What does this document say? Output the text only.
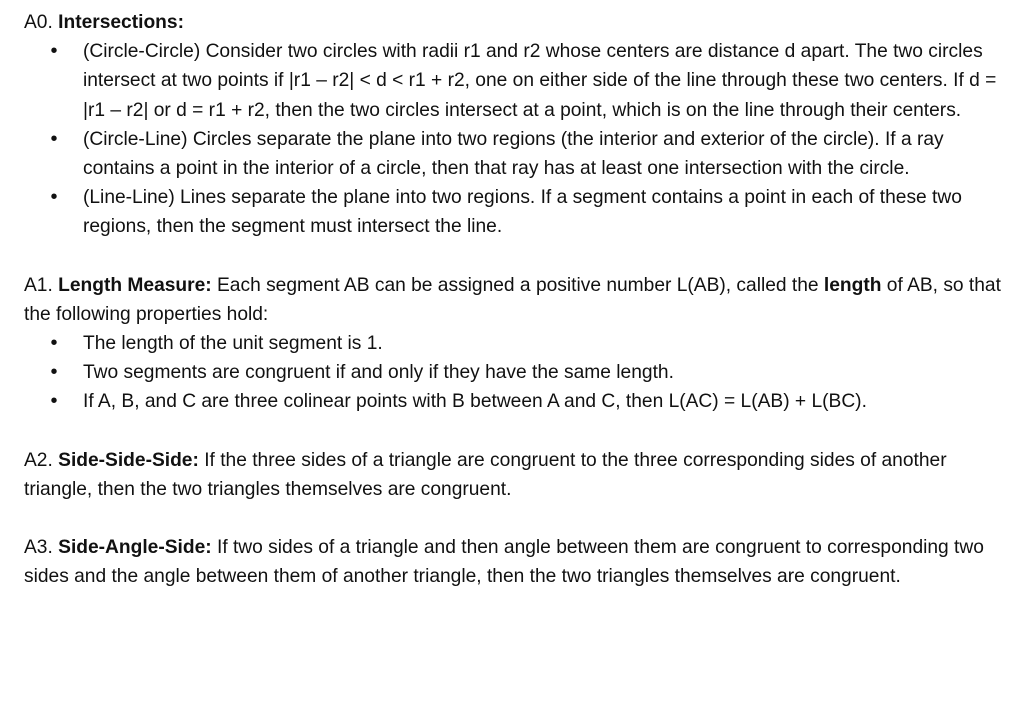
A0. Intersections:

• (Circle-Circle) Consider two circles with radii r1 and r2 whose centers are distance d apart. The two circles intersect at two points if |r1 – r2| < d < r1 + r2, one on either side of the line through these two centers. If d = |r1 – r2| or d = r1 + r2, then the two circles intersect at a point, which is on the line through their centers.
• (Circle-Line) Circles separate the plane into two regions (the interior and exterior of the circle). If a ray contains a point in the interior of a circle, then that ray has at least one intersection with the circle.
• (Line-Line) Lines separate the plane into two regions. If a segment contains a point in each of these two regions, then the segment must intersect the line.

A1. Length Measure: Each segment AB can be assigned a positive number L(AB), called the length of AB, so that the following properties hold:

• The length of the unit segment is 1.
• Two segments are congruent if and only if they have the same length.
• If A, B, and C are three colinear points with B between A and C, then L(AC) = L(AB) + L(BC).

A2. Side-Side-Side: If the three sides of a triangle are congruent to the three corresponding sides of another triangle, then the two triangles themselves are congruent.

A3. Side-Angle-Side: If two sides of a triangle and then angle between them are congruent to corresponding two sides and the angle between them of another triangle, then the two triangles themselves are congruent.
